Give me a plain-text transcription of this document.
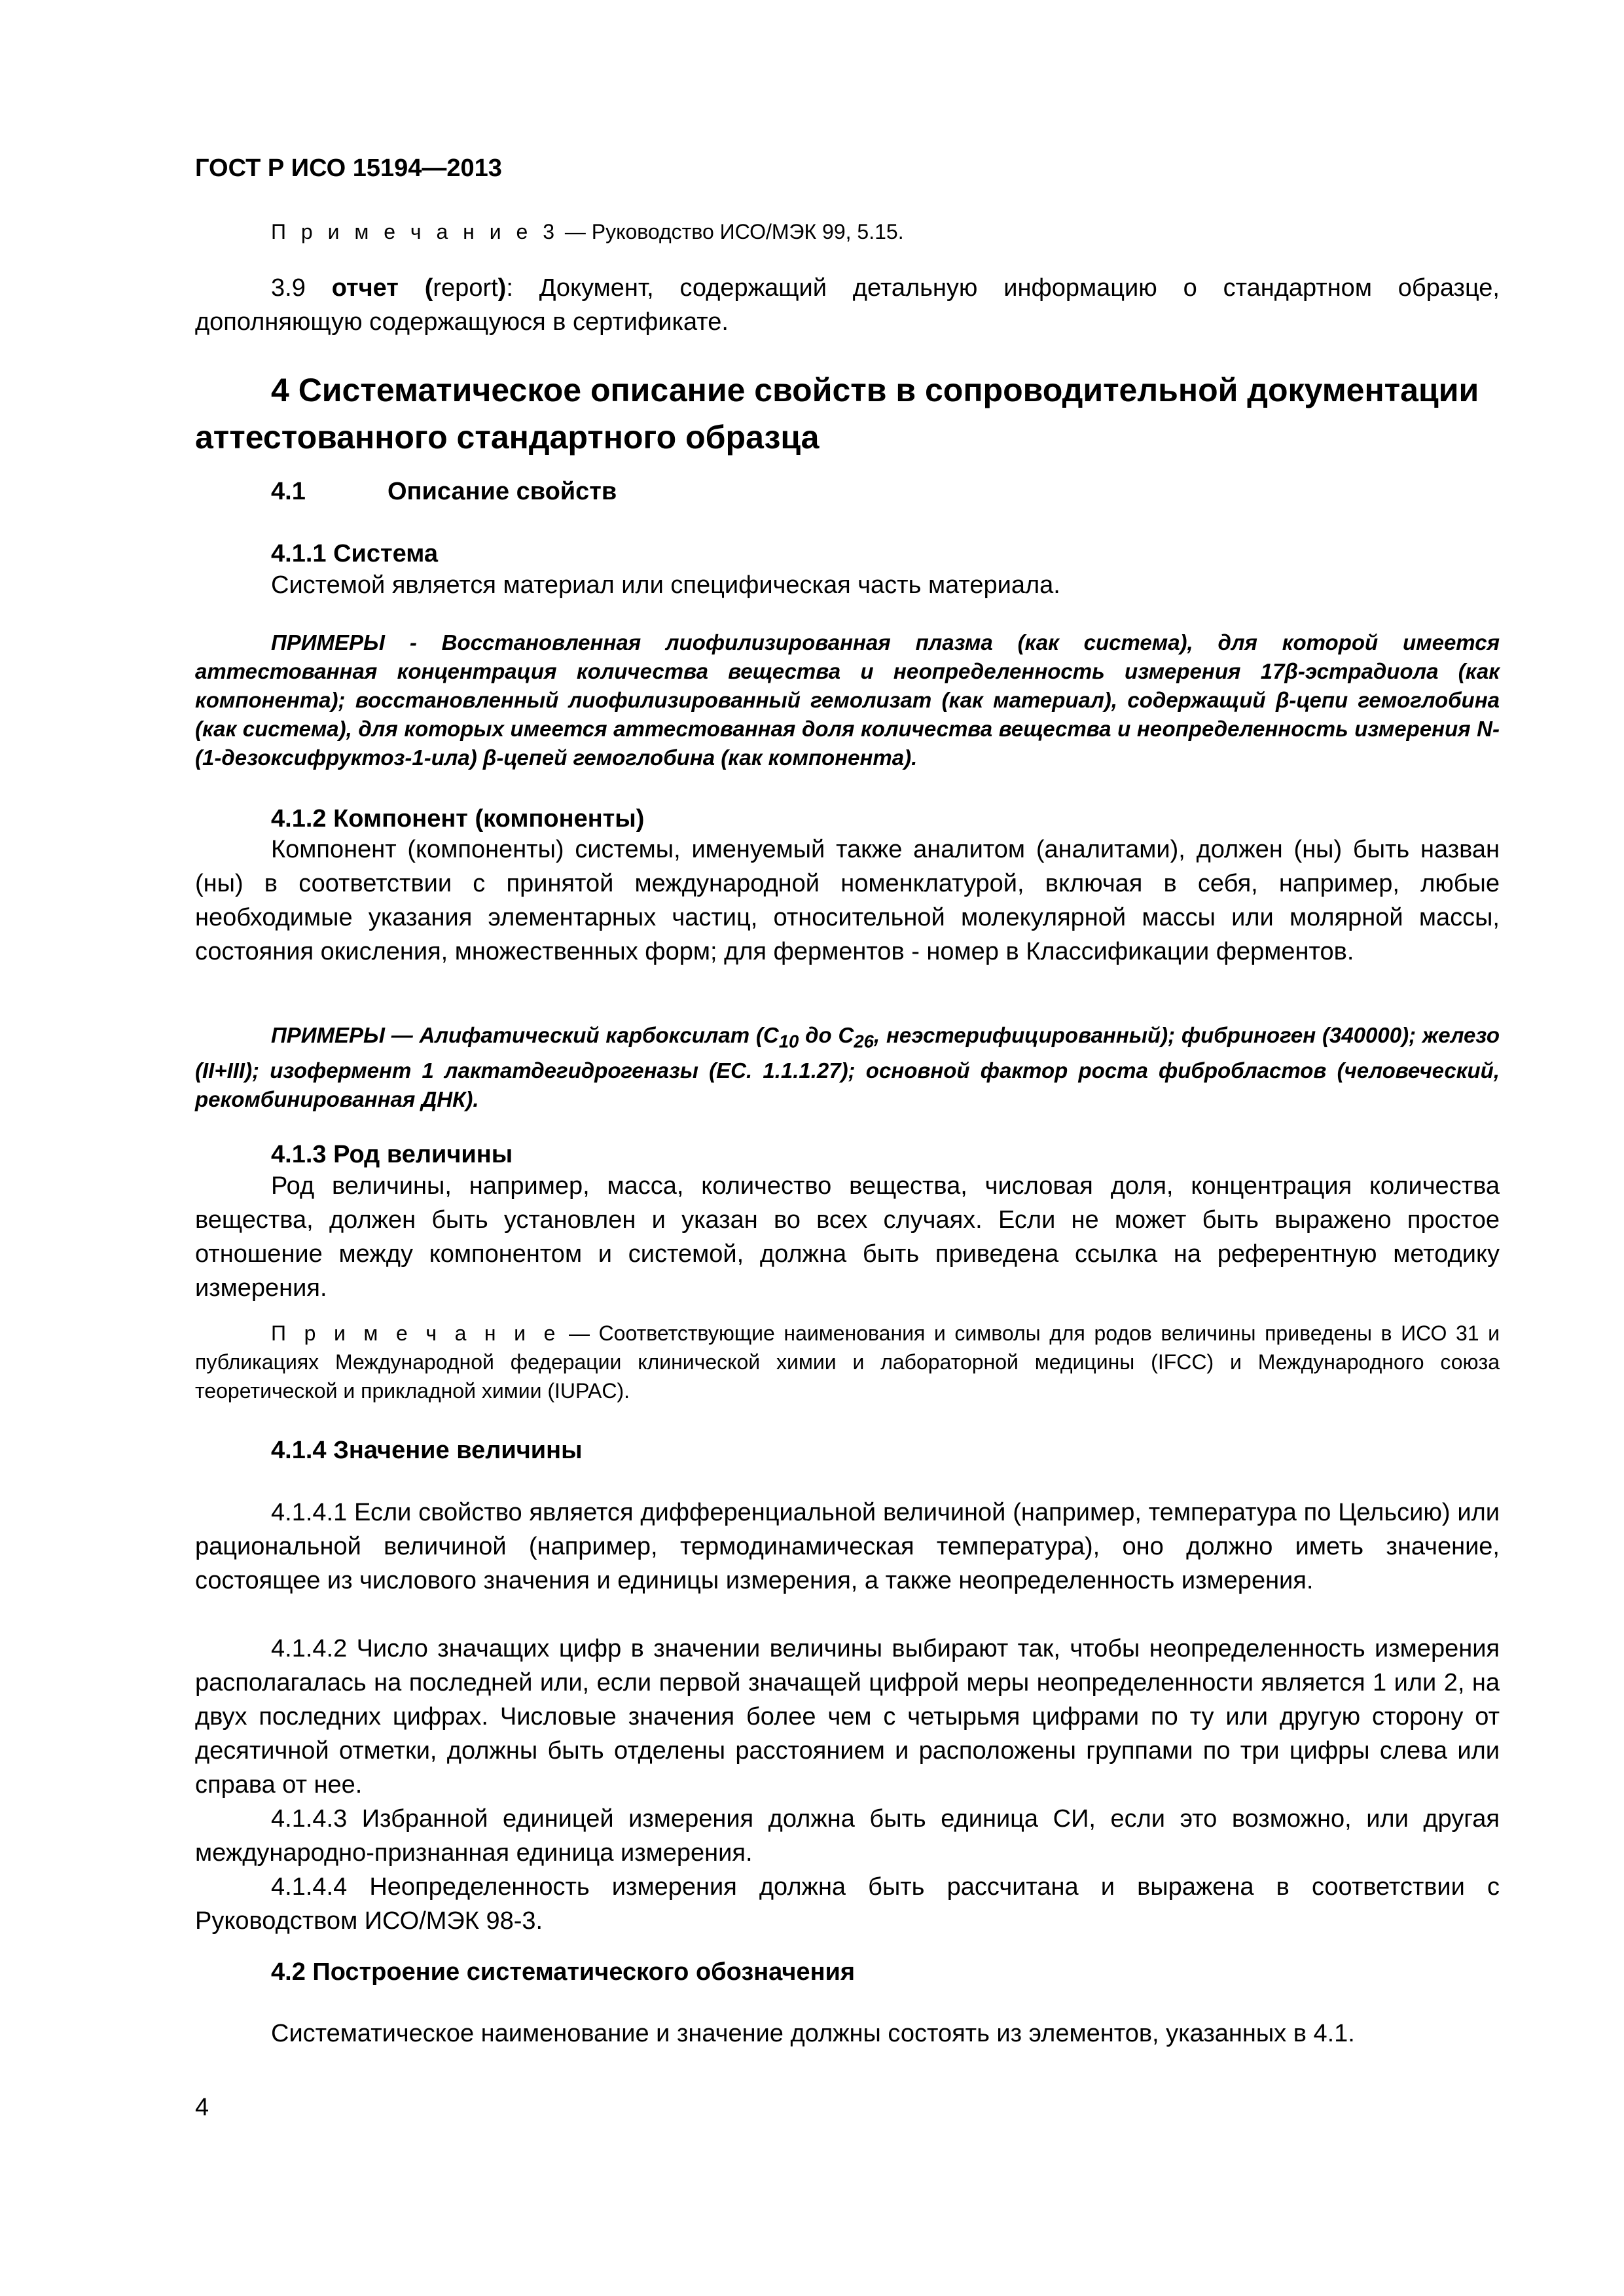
ГОСТ Р ИСО 15194—2013

П р и м е ч а н и е 3 — Руководство ИСО/МЭК 99, 5.15.

3.9 отчет (report): Документ, содержащий детальную информацию о стандартном образце, дополняющую содержащуюся в сертификате.

4 Систематическое описание свойств в сопроводительной документации аттестованного стандартного образца
4.1	Описание свойств
4.1.1 Система

Системой является материал или специфическая часть материала.

ПРИМЕРЫ - Восстановленная лиофилизированная плазма (как система), для которой имеется аттестованная концентрация количества вещества и неопределенность измерения 17β-эстрадиола (как компонента); восстановленный лиофилизированный гемолизат (как материал), содержащий β-цепи гемоглобина (как система), для которых имеется аттестованная доля количества вещества и неопределенность измерения N-(1-дезоксифруктоз-1-ила) β-цепей гемоглобина (как компонента).

4.1.2 Компонент (компоненты)

Компонент (компоненты) системы, именуемый также аналитом (аналитами), должен (ны) быть назван (ны) в соответствии с принятой международной номенклатурой, включая в себя, например, любые необходимые указания элементарных частиц, относительной молекулярной массы или молярной массы, состояния окисления, множественных форм; для ферментов - номер в Классификации ферментов.

ПРИМЕРЫ — Алифатический карбоксилат ($C_{10}$ до $C_{26}$, неэстерифицированный); фибриноген (340000); железо (II+III); изофермент 1 лактатдегидрогеназы (EC. 1.1.1.27); основной фактор роста фибробластов (человеческий, рекомбинированная ДНК).

4.1.3 Род величины

Род величины, например, масса, количество вещества, числовая доля, концентрация количества вещества, должен быть установлен и указан во всех случаях. Если не может быть выражено простое отношение между компонентом и системой, должна быть приведена ссылка на референтную методику измерения.

П р и м е ч а н и е — Соответствующие наименования и символы для родов величины приведены в ИСО 31 и публикациях Международной федерации клинической химии и лабораторной медицины (IFCC) и Международного союза теоретической и прикладной химии (IUPAC).

4.1.4 Значение величины

4.1.4.1 Если свойство является дифференциальной величиной (например, температура по Цельсию) или рациональной величиной (например, термодинамическая температура), оно должно иметь значение, состоящее из числового значения и единицы измерения, а также неопределенность измерения.

4.1.4.2 Число значащих цифр в значении величины выбирают так, чтобы неопределенность измерения располагалась на последней или, если первой значащей цифрой меры неопределенности является 1 или 2, на двух последних цифрах. Числовые значения более чем с четырьмя цифрами по ту или другую сторону от десятичной отметки, должны быть отделены расстоянием и расположены группами по три цифры слева или справа от нее.

4.1.4.3 Избранной единицей измерения должна быть единица СИ, если это возможно, или другая международно-признанная единица измерения.

4.1.4.4 Неопределенность измерения должна быть рассчитана и выражена в соответствии с Руководством ИСО/МЭК 98-3.

4.2 Построение систематического обозначения

Систематическое наименование и значение должны состоять из элементов, указанных в 4.1.

4
